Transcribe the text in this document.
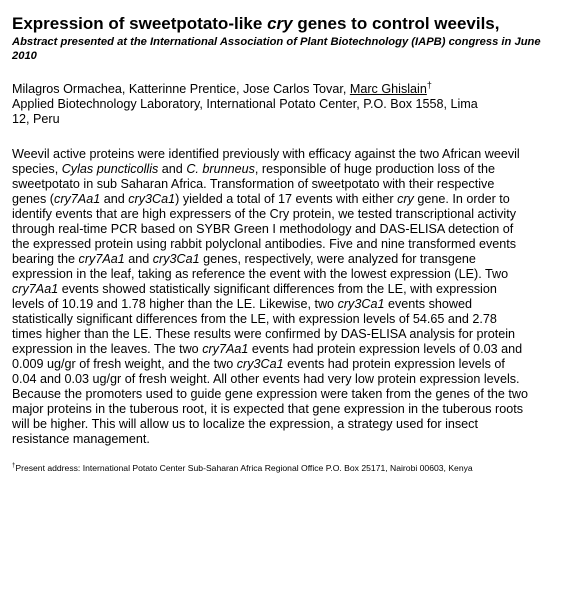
Expression of sweetpotato-like cry genes to control weevils,

Abstract presented at the International Association of Plant Biotechnology (IAPB) congress in June 2010

Milagros Ormachea, Katterinne Prentice, Jose Carlos Tovar, Marc Ghislain†

Applied Biotechnology Laboratory, International Potato Center, P.O. Box 1558, Lima 12, Peru

Weevil active proteins were identified previously with efficacy against the two African weevil
species, Cylas puncticollis and C. brunneus, responsible of huge production loss of the
sweetpotato in sub Saharan Africa. Transformation of sweetpotato with their respective
genes (cry7Aa1 and cry3Ca1) yielded a total of 17 events with either cry gene. In order to
identify events that are high expressers of the Cry protein, we tested transcriptional activity
through real-time PCR based on SYBR Green I methodology and DAS-ELISA detection of
the expressed protein using rabbit polyclonal antibodies. Five and nine transformed events
bearing the cry7Aa1 and cry3Ca1 genes, respectively, were analyzed for transgene
expression in the leaf, taking as reference the event with the lowest expression (LE). Two
cry7Aa1 events showed statistically significant differences from the LE, with expression
levels of 10.19 and 1.78 higher than the LE. Likewise, two cry3Ca1 events showed
statistically significant differences from the LE, with expression levels of 54.65 and 2.78
times higher than the LE. These results were confirmed by DAS-ELISA analysis for protein
expression in the leaves. The two cry7Aa1 events had protein expression levels of 0.03 and
0.009 ug/gr of fresh weight, and the two cry3Ca1 events had protein expression levels of
0.04 and 0.03 ug/gr of fresh weight. All other events had very low protein expression levels.
Because the promoters used to guide gene expression were taken from the genes of the two
major proteins in the tuberous root, it is expected that gene expression in the tuberous roots
will be higher. This will allow us to localize the expression, a strategy used for insect
resistance management.
†Present address: International Potato Center Sub-Saharan Africa Regional Office P.O. Box 25171, Nairobi 00603, Kenya
